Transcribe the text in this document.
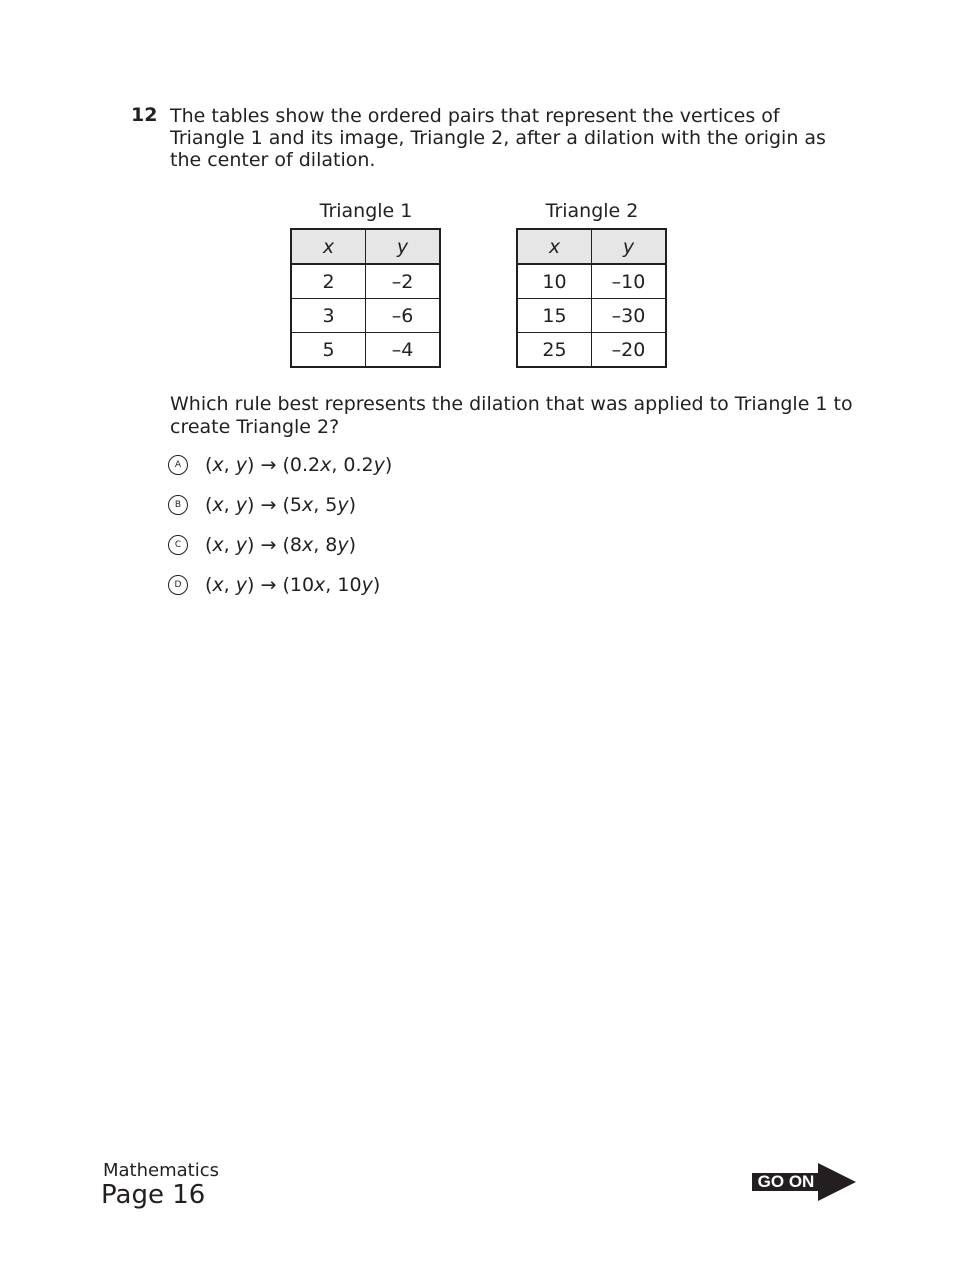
12 The tables show the ordered pairs that represent the vertices of Triangle 1 and its image, Triangle 2, after a dilation with the origin as the center of dilation.

Triangle 1
x	y
2	–2
3	–6
5	–4
Triangle 2
x	y
10	–10
15	–30
25	–20

Which rule best represents the dilation that was applied to Triangle 1 to create Triangle 2?

A	(x, y) → (0.2x, 0.2y)
B	(x, y) → (5x, 5y)
C	(x, y) → (8x, 8y)
D	(x, y) → (10x, 10y)
Mathematics
Page 16	GO ON
